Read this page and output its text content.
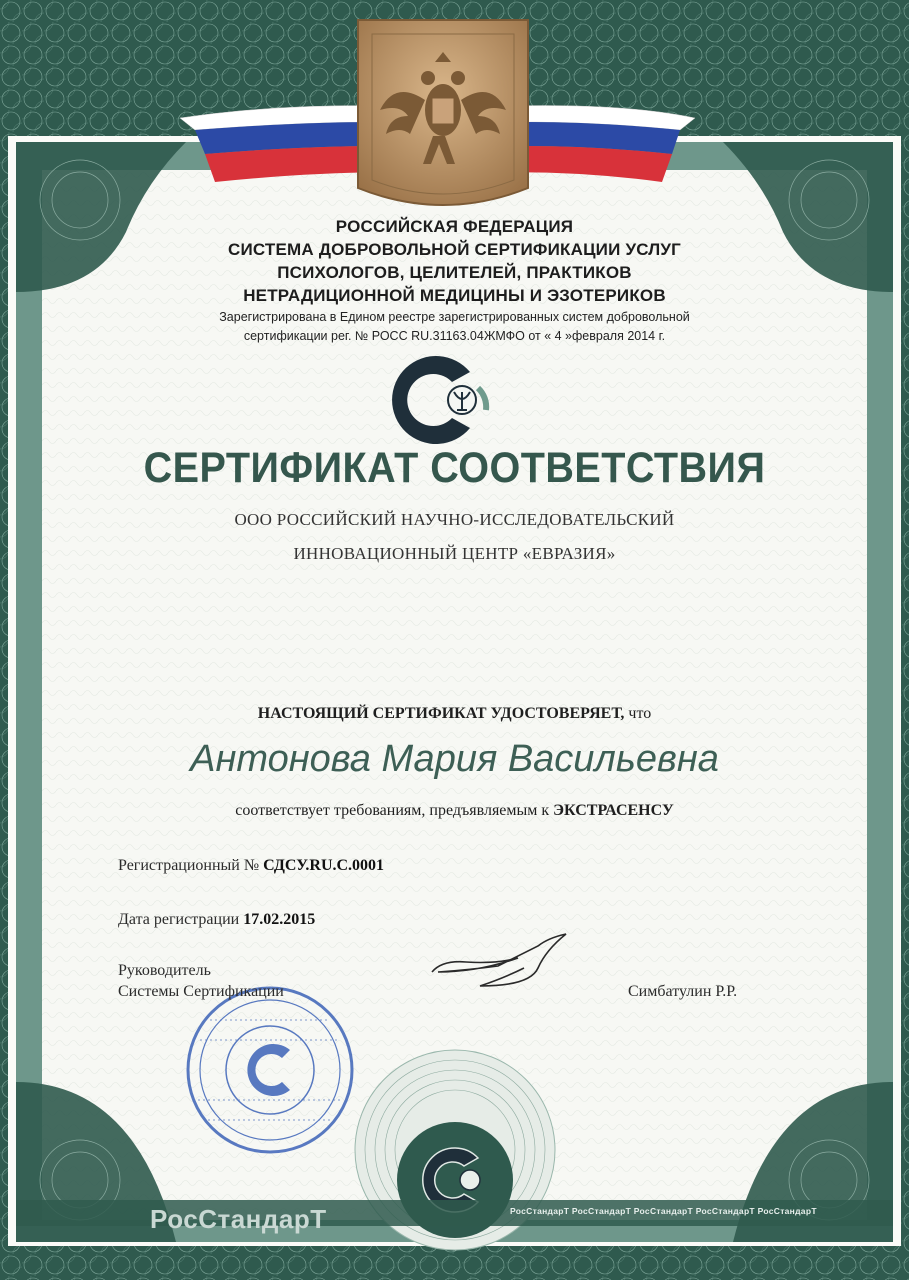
РОССИЙСКАЯ ФЕДЕРАЦИЯ
СИСТЕМА ДОБРОВОЛЬНОЙ СЕРТИФИКАЦИИ УСЛУГ
ПСИХОЛОГОВ, ЦЕЛИТЕЛЕЙ, ПРАКТИКОВ
НЕТРАДИЦИОННОЙ МЕДИЦИНЫ И ЭЗОТЕРИКОВ
Зарегистрирована в Едином реестре зарегистрированных систем добровольной
сертификации рег. № РОСС RU.31163.04ЖМФО от « 4 »февраля 2014 г.
СЕРТИФИКАТ СООТВЕТСТВИЯ
ООО РОССИЙСКИЙ НАУЧНО-ИССЛЕДОВАТЕЛЬСКИЙ
ИННОВАЦИОННЫЙ ЦЕНТР «ЕВРАЗИЯ»
НАСТОЯЩИЙ СЕРТИФИКАТ УДОСТОВЕРЯЕТ, что
Антонова Мария Васильевна
соответствует требованиям, предъявляемым к ЭКСТРАСЕНСУ
Регистрационный № СДСУ.RU.С.0001
Дата регистрации 17.02.2015
Руководитель
Системы Сертификации	Симбатулин Р.Р.
РосСтандарТ	РосСтандарТ РосСтандарТ РосСтандарТ РосСтандарТ РосСтандарТ
